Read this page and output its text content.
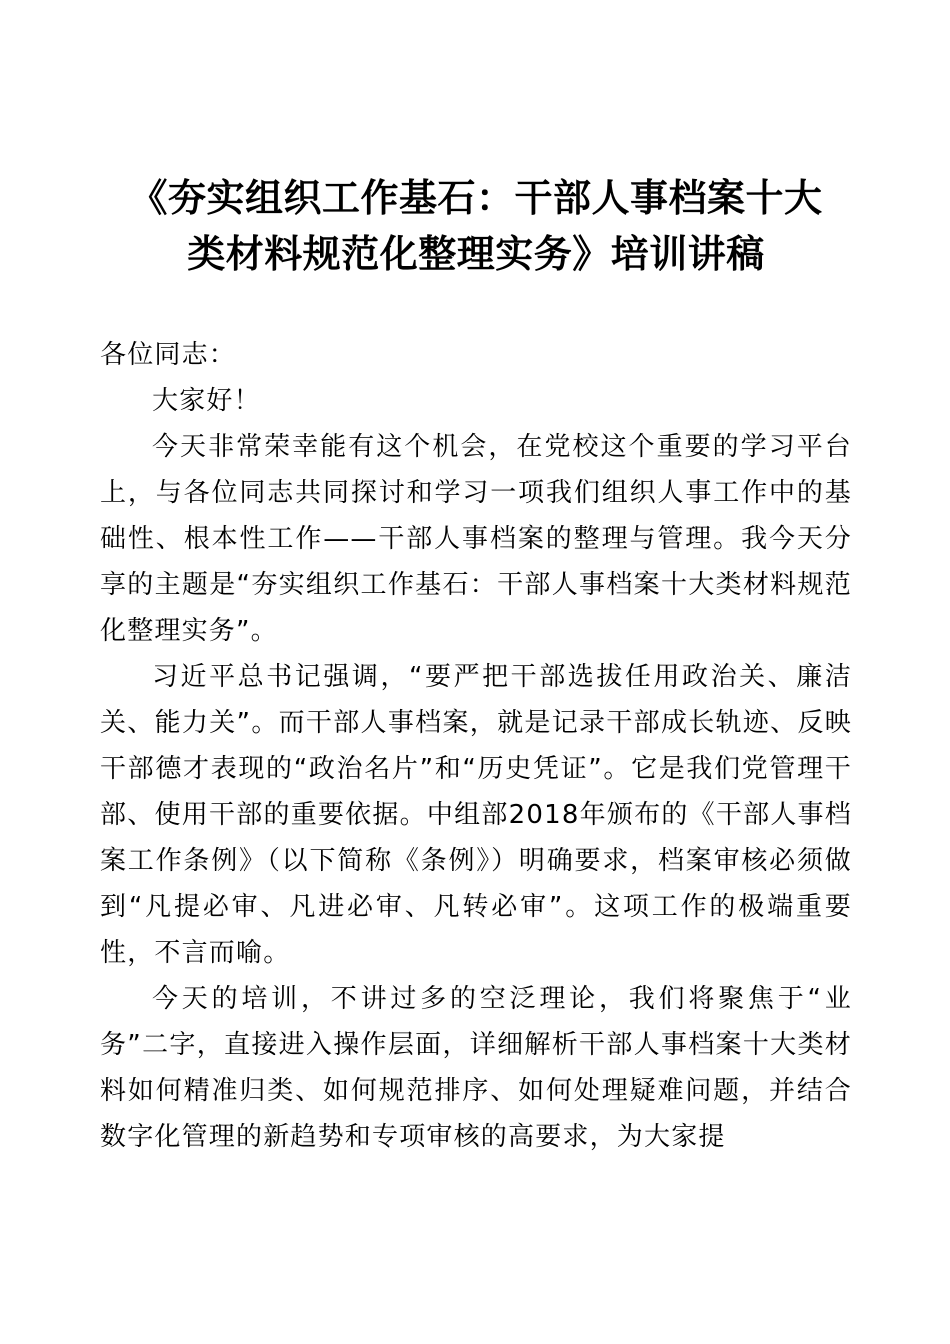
《夯实组织工作基石：干部人事档案十大
类材料规范化整理实务》培训讲稿

各位同志：

大家好！

今天非常荣幸能有这个机会，在党校这个重要的学习平台上，与各位同志共同探讨和学习一项我们组织人事工作中的基础性、根本性工作——干部人事档案的整理与管理。我今天分享的主题是“夯实组织工作基石：干部人事档案十大类材料规范化整理实务”。

习近平总书记强调，“要严把干部选拔任用政治关、廉洁关、能力关”。而干部人事档案，就是记录干部成长轨迹、反映干部德才表现的“政治名片”和“历史凭证”。它是我们党管理干部、使用干部的重要依据。中组部2018年颁布的《干部人事档案工作条例》（以下简称《条例》）明确要求，档案审核必须做到“凡提必审、凡进必审、凡转必审”。这项工作的极端重要性，不言而喻。

今天的培训，不讲过多的空泛理论，我们将聚焦于“业务”二字，直接进入操作层面，详细解析干部人事档案十大类材料如何精准归类、如何规范排序、如何处理疑难问题，并结合数字化管理的新趋势和专项审核的高要求，为大家提
